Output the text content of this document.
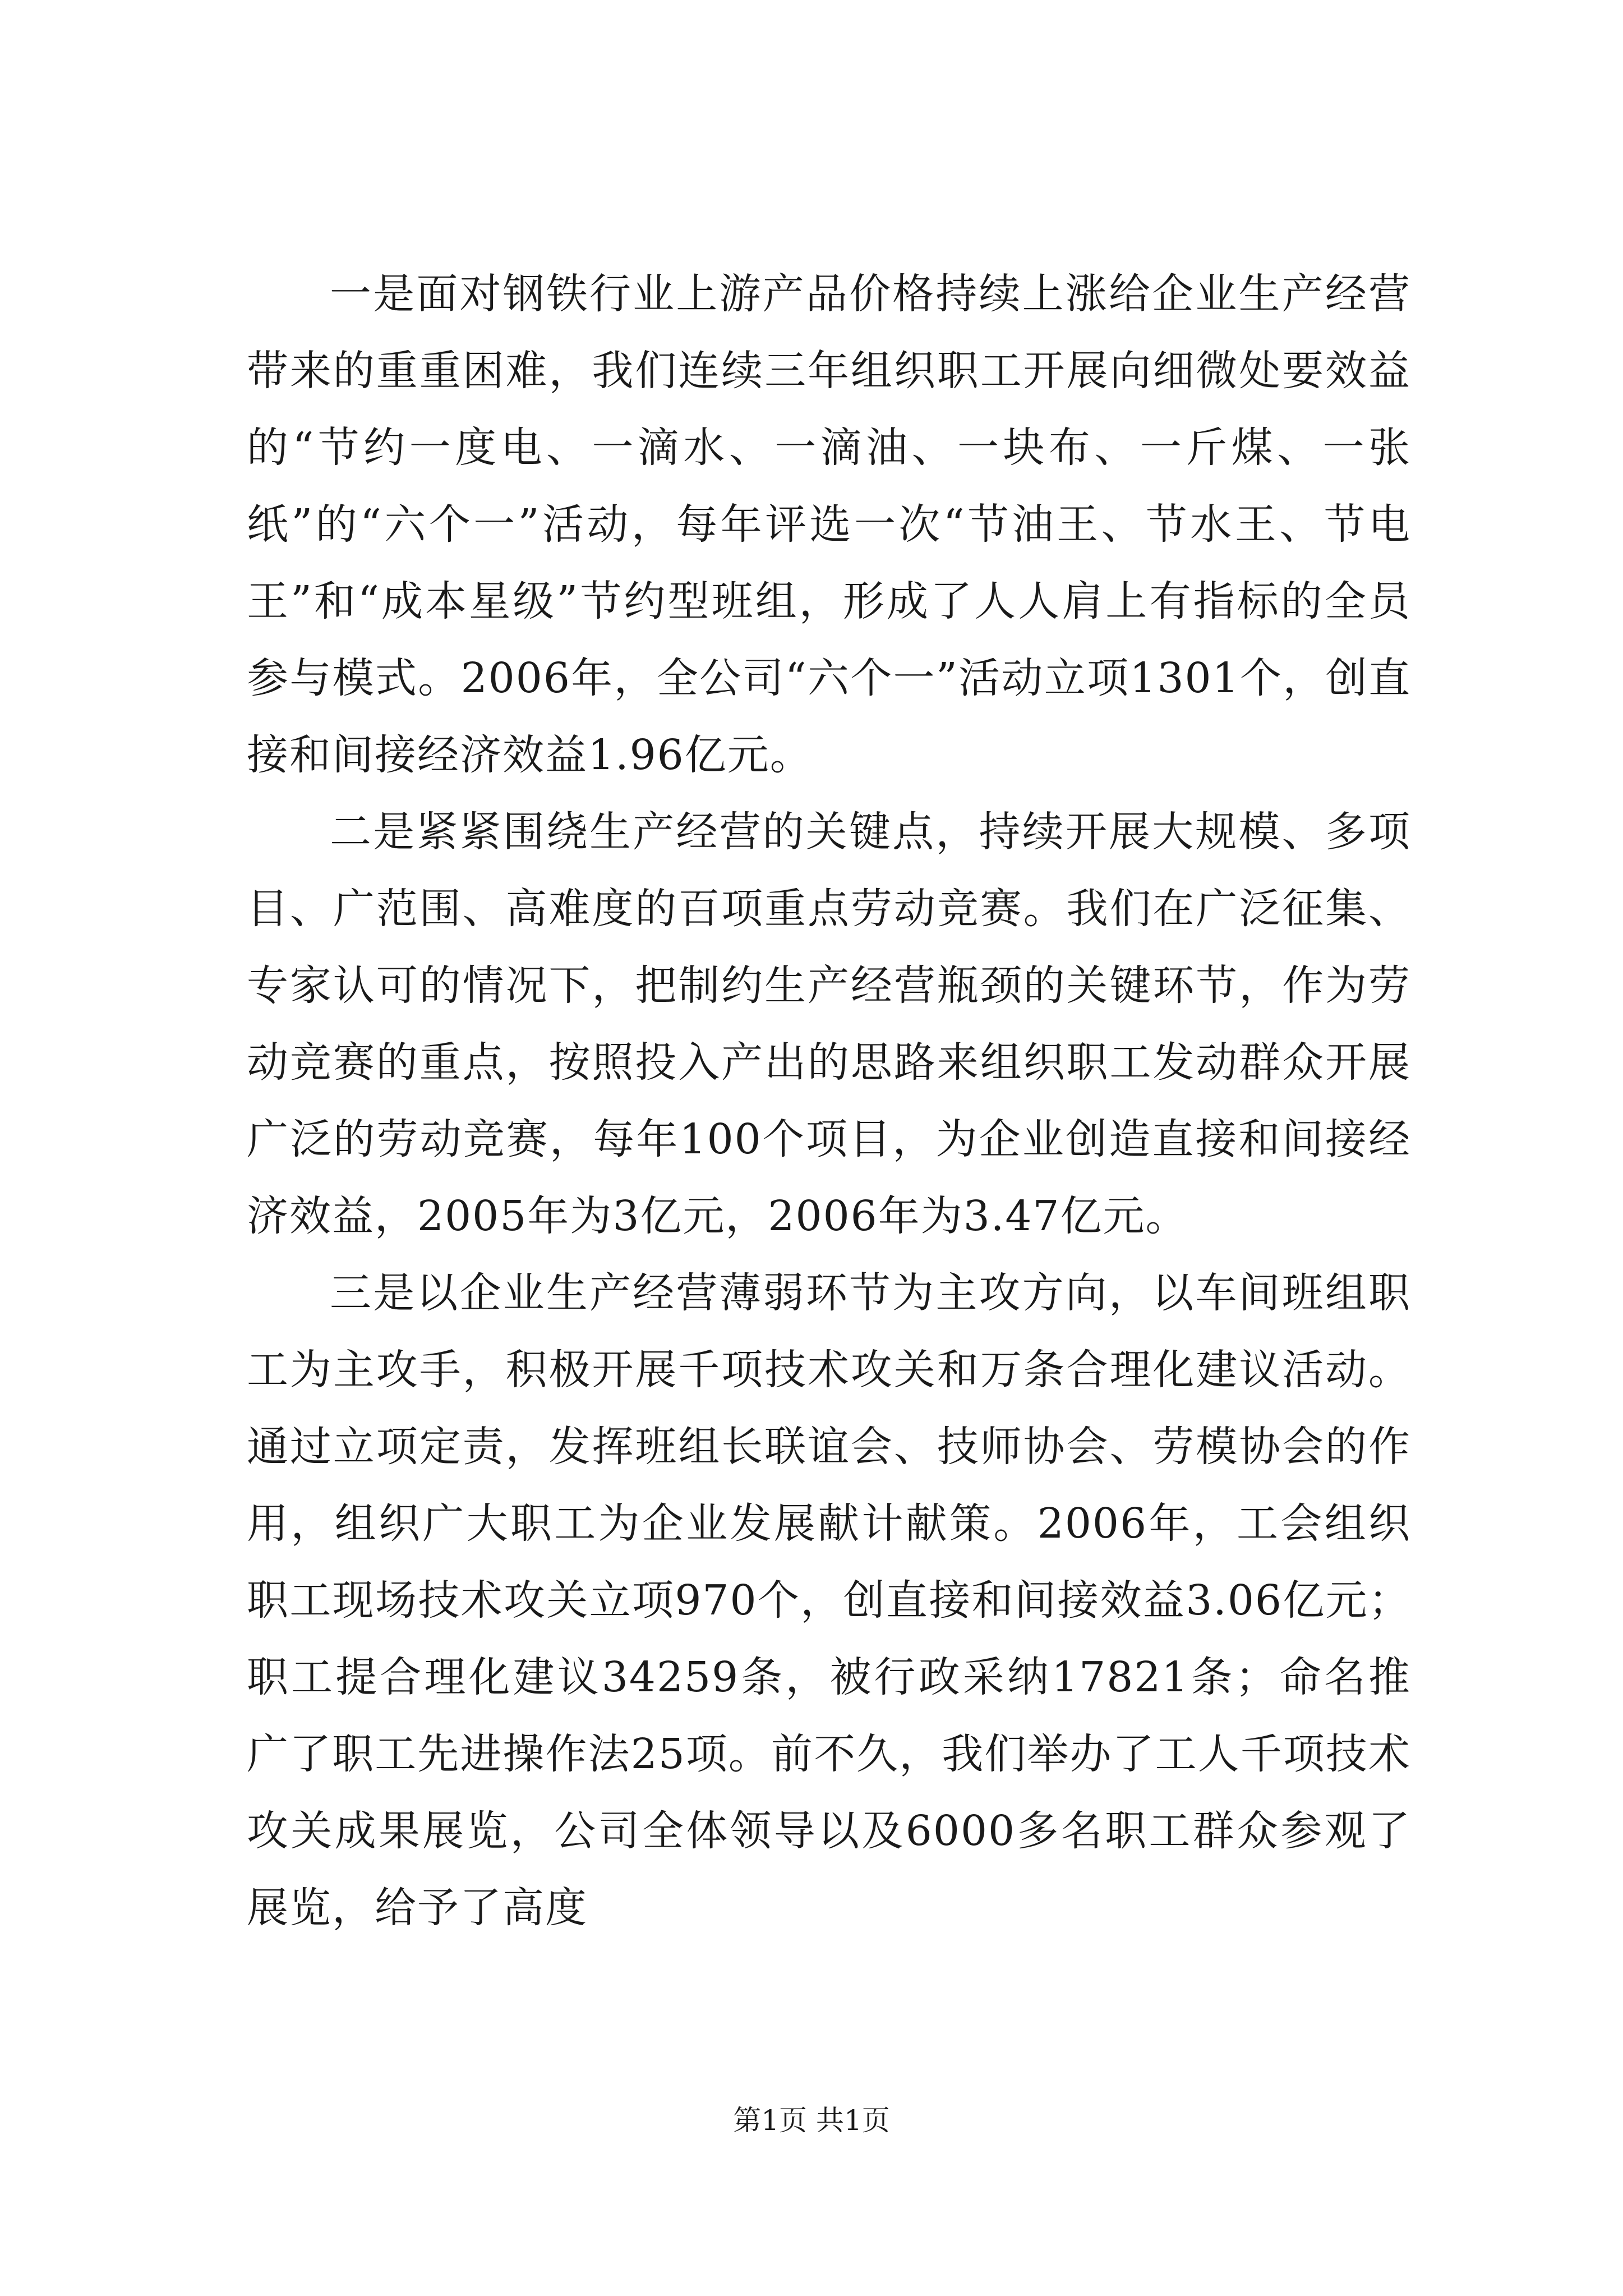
一是面对钢铁行业上游产品价格持续上涨给企业生产经营带来的重重困难，我们连续三年组织职工开展向细微处要效益的“节约一度电、一滴水、一滴油、一块布、一斤煤、一张纸”的“六个一”活动，每年评选一次“节油王、节水王、节电王”和“成本星级”节约型班组，形成了人人肩上有指标的全员参与模式。2006年，全公司“六个一”活动立项1301个，创直接和间接经济效益1.96亿元。

二是紧紧围绕生产经营的关键点，持续开展大规模、多项目、广范围、高难度的百项重点劳动竞赛。我们在广泛征集、专家认可的情况下，把制约生产经营瓶颈的关键环节，作为劳动竞赛的重点，按照投入产出的思路来组织职工发动群众开展广泛的劳动竞赛，每年100个项目，为企业创造直接和间接经济效益，2005年为3亿元，2006年为3.47亿元。

三是以企业生产经营薄弱环节为主攻方向，以车间班组职工为主攻手，积极开展千项技术攻关和万条合理化建议活动。通过立项定责，发挥班组长联谊会、技师协会、劳模协会的作用，组织广大职工为企业发展献计献策。2006年，工会组织职工现场技术攻关立项970个，创直接和间接效益3.06亿元；职工提合理化建议34259条，被行政采纳17821条；命名推广了职工先进操作法25项。前不久，我们举办了工人千项技术攻关成果展览，公司全体领导以及6000多名职工群众参观了展览，给予了高度

第1页 共1页
